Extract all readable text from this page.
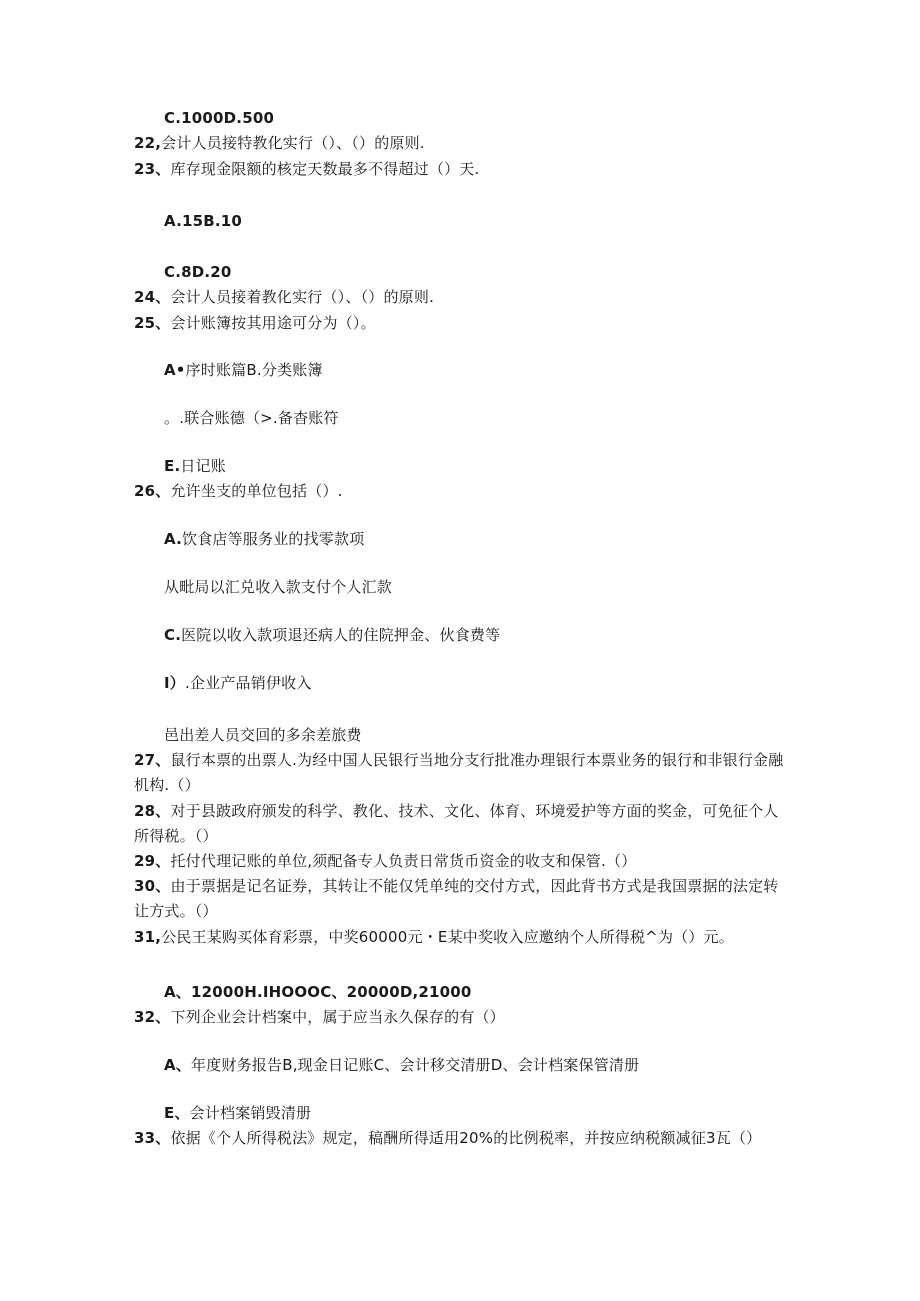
C.1000D.500
22,会计人员接特教化实行（）、（）的原则.
23、库存现金限额的核定天数最多不得超过（）天.
A.15B.10
C.8D.20
24、会计人员接着教化实行（）、（）的原则.
25、会计账簿按其用途可分为（）。
A•序时账篇B.分类账簿
。.联合账德（>.备杳账符
E.日记账
26、允许坐支的单位包括（）.
A.饮食店等服务业的找零款项
从毗局以汇兑收入款支付个人汇款
C.医院以收入款项退还病人的住院押金、伙食费等
I）.企业产品销伊收入
邑出差人员交回的多余差旅费
27、鼠行本票的出票人.为经中国人民银行当地分支行批准办理银行本票业务的银行和非银行金融
机构.（）
28、对于县跛政府颁发的科学、教化、技术、文化、体育、环境爱护等方面的奖金，可免征个人
所得税。（）
29、托付代理记账的单位,须配备专人负责日常货币资金的收支和保管.（）
30、由于票据是记名证券，其转让不能仅凭单纯的交付方式，因此背书方式是我国票据的法定转
让方式。（）
31,公民王某购买体育彩票，中奖60000元・E某中奖收入应邀纳个人所得税^为（）元。
A、12000H.IHOOOC、20000D,21000
32、下列企业会计档案中，属于应当永久保存的有（）
A、年度财务报告B,现金日记账C、会计移交清册D、会计档案保管清册
E、会计档案销毁清册
33、依据《个人所得税法》规定，稿酬所得适用20%的比例税率，并按应纳税额减征3瓦（）
